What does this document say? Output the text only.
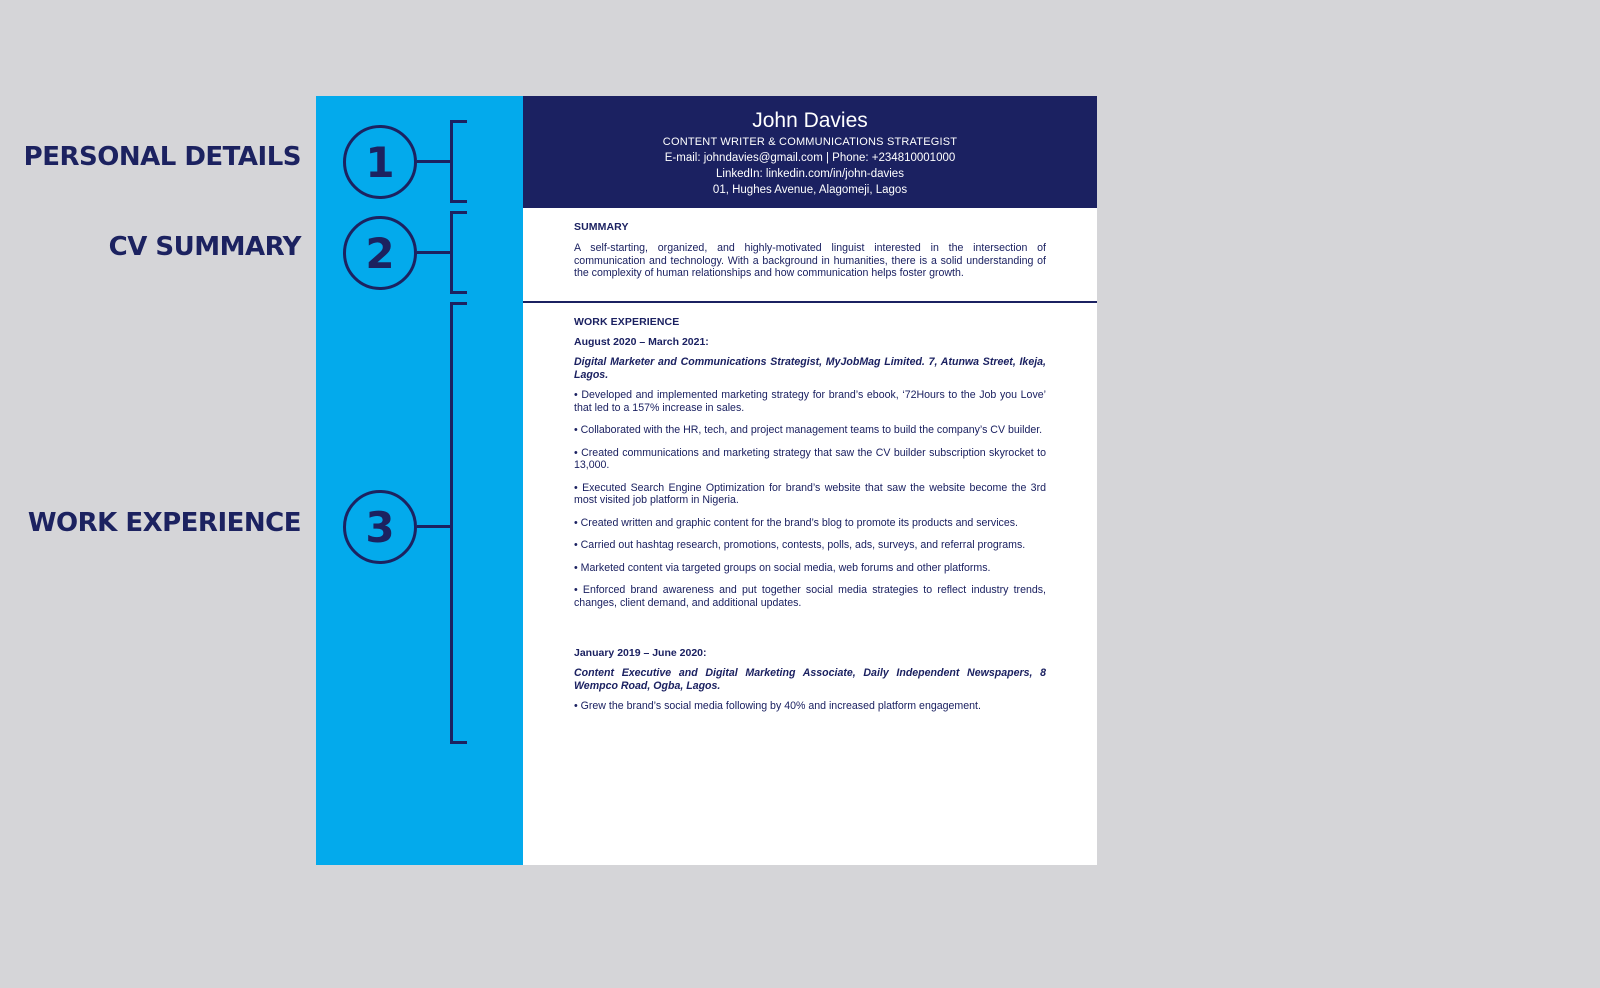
PERSONAL DETAILS
CV SUMMARY
WORK EXPERIENCE
1
2
3
John Davies
CONTENT WRITER & COMMUNICATIONS STRATEGIST
E-mail: johndavies@gmail.com | Phone: +234810001000
LinkedIn: linkedin.com/in/john-davies
01, Hughes Avenue, Alagomeji, Lagos
SUMMARY

A self-starting, organized, and highly-motivated linguist interested in the intersection of communication and technology. With a background in humanities, there is a solid understanding of the complexity of human relationships and how communication helps foster growth.

WORK EXPERIENCE

August 2020 – March 2021:

Digital Marketer and Communications Strategist, MyJobMag Limited. 7, Atunwa Street, Ikeja, Lagos.

• Developed and implemented marketing strategy for brand’s ebook, ‘72Hours to the Job you Love’ that led to a 157% increase in sales.
• Collaborated with the HR, tech, and project management teams to build the company’s CV builder.
• Created communications and marketing strategy that saw the CV builder subscription skyrocket to 13,000.
• Executed Search Engine Optimization for brand’s website that saw the website become the 3rd most visited job platform in Nigeria.
• Created written and graphic content for the brand’s blog to promote its products and services.
• Carried out hashtag research, promotions, contests, polls, ads, surveys, and referral programs.
• Marketed content via targeted groups on social media, web forums and other platforms.
• Enforced brand awareness and put together social media strategies to reflect industry trends, changes, client demand, and additional updates.

January 2019 – June 2020:

Content Executive and Digital Marketing Associate, Daily Independent Newspapers, 8 Wempco Road, Ogba, Lagos.

• Grew the brand’s social media following by 40% and increased platform engagement.
